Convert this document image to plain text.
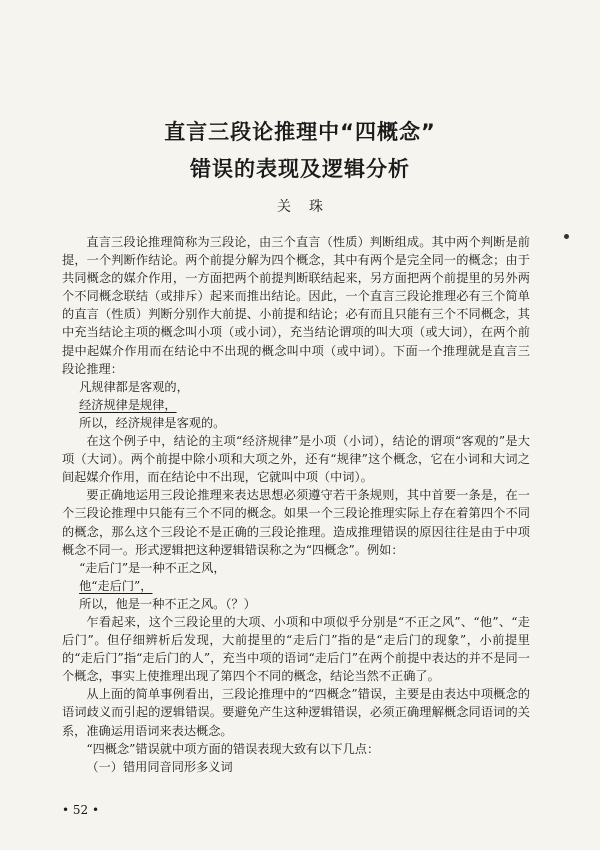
直言三段论推理中“四概念”
错误的表现及逻辑分析
关珠

直言三段论推理简称为三段论，由三个直言（性质）判断组成。其中两个判断是前提，一个判断作结论。两个前提分解为四个概念，其中有两个是完全同一的概念；由于共同概念的媒介作用，一方面把两个前提判断联结起来，另方面把两个前提里的另外两个不同概念联结（或排斥）起来而推出结论。因此，一个直言三段论推理必有三个简单的直言（性质）判断分别作大前提、小前提和结论；必有而且只能有三个不同概念，其中充当结论主项的概念叫小项（或小词），充当结论谓项的叫大项（或大词），在两个前提中起媒介作用而在结论中不出现的概念叫中项（或中词）。下面一个推理就是直言三段论推理：

凡规律都是客观的，

经济规律是规律，

所以，经济规律是客观的。

在这个例子中，结论的主项“经济规律”是小项（小词），结论的谓项“客观的”是大项（大词）。两个前提中除小项和大项之外，还有“规律”这个概念，它在小词和大词之间起媒介作用，而在结论中不出现，它就叫中项（中词）。

要正确地运用三段论推理来表达思想必须遵守若干条规则，其中首要一条是，在一个三段论推理中只能有三个不同的概念。如果一个三段论推理实际上存在着第四个不同的概念，那么这个三段论不是正确的三段论推理。造成推理错误的原因往往是由于中项概念不同一。形式逻辑把这种逻辑错误称之为“四概念”。例如：

“走后门”是一种不正之风，

他“走后门”，

所以，他是一种不正之风。（？）

乍看起来，这个三段论里的大项、小项和中项似乎分别是“不正之风”、“他”、“走后门”。但仔细辨析后发现，大前提里的“走后门”指的是“走后门的现象”，小前提里的“走后门”指“走后门的人”，充当中项的语词“走后门”在两个前提中表达的并不是同一个概念，事实上使推理出现了第四个不同的概念，结论当然不正确了。

从上面的简单事例看出，三段论推理中的“四概念”错误，主要是由表达中项概念的语词歧义而引起的逻辑错误。要避免产生这种逻辑错误，必须正确理解概念同语词的关系，准确运用语词来表达概念。

“四概念”错误就中项方面的错误表现大致有以下几点：

（一）错用同音同形多义词

• 52 •
